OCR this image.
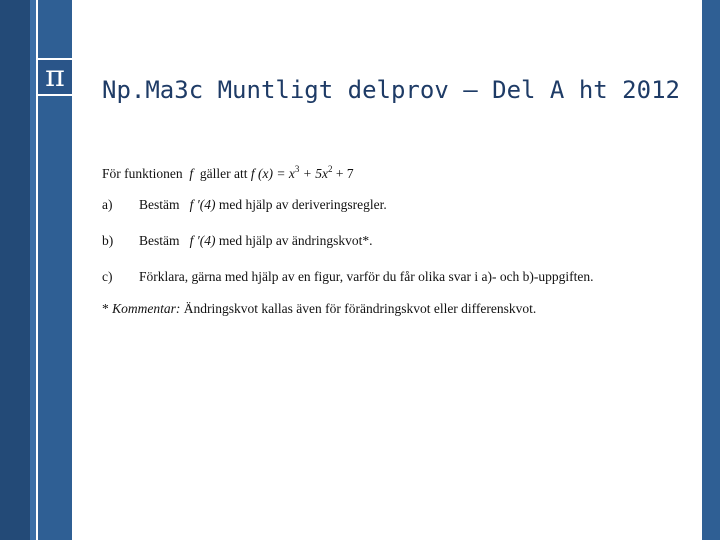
π Np.Ma3c Muntligt delprov – Del A ht 2012
För funktionen f gäller att f $(x) = x^3 + 5x^2 + 7$
a)	Bestäm f ′(4) med hjälp av deriveringsregler.
b)	Bestäm f ′(4) med hjälp av ändringskvot*.
c)	Förklara, gärna med hjälp av en figur, varför du får olika svar i a)- och b)-uppgiften.
* Kommentar: Ändringskvot kallas även för förändringskvot eller differenskvot.
